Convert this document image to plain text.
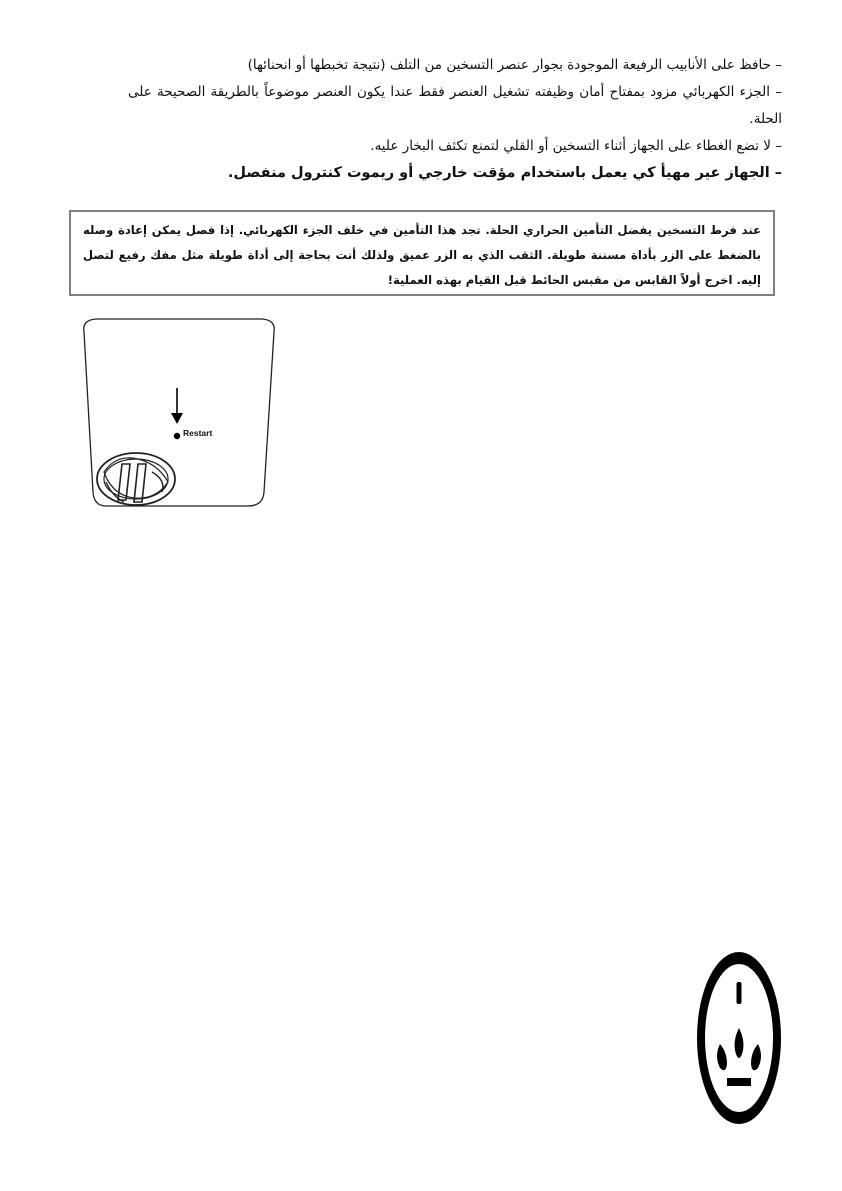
– حافظ على الأنابيب الرفيعة الموجودة بجوار عنصر التسخين من التلف (نتيجة تخبطها أو انحنائها)

– الجزء الكهربائي مزود بمفتاح أمان وظيفته تشغيل العنصر فقط عندا يكون العنصر موضوعاً بالطريقة الصحيحة على الحلة.

– لا تضع الغطاء على الجهاز أثناء التسخين أو القلي لتمنع تكثف البخار عليه.

– الجهاز عير مهيأ كي يعمل باستخدام مؤقت خارجي أو ريموت كنترول منفصل.

عند فرط التسخين يفضل التأمين الحراري الحلة. تجد هذا التأمين في خلف الجزء الكهربائي. إذا فصل يمكن إعادة وصله بالضغط على الزر بأداة مسننة طويلة. الثقب الذي به الزر عميق ولذلك أنت بحاجة إلى أداة طويلة مثل مفك رفيع لتصل إليه. اخرج أولاً القابس من مقبس الحائط قبل القيام بهذه العملية!

Restart
